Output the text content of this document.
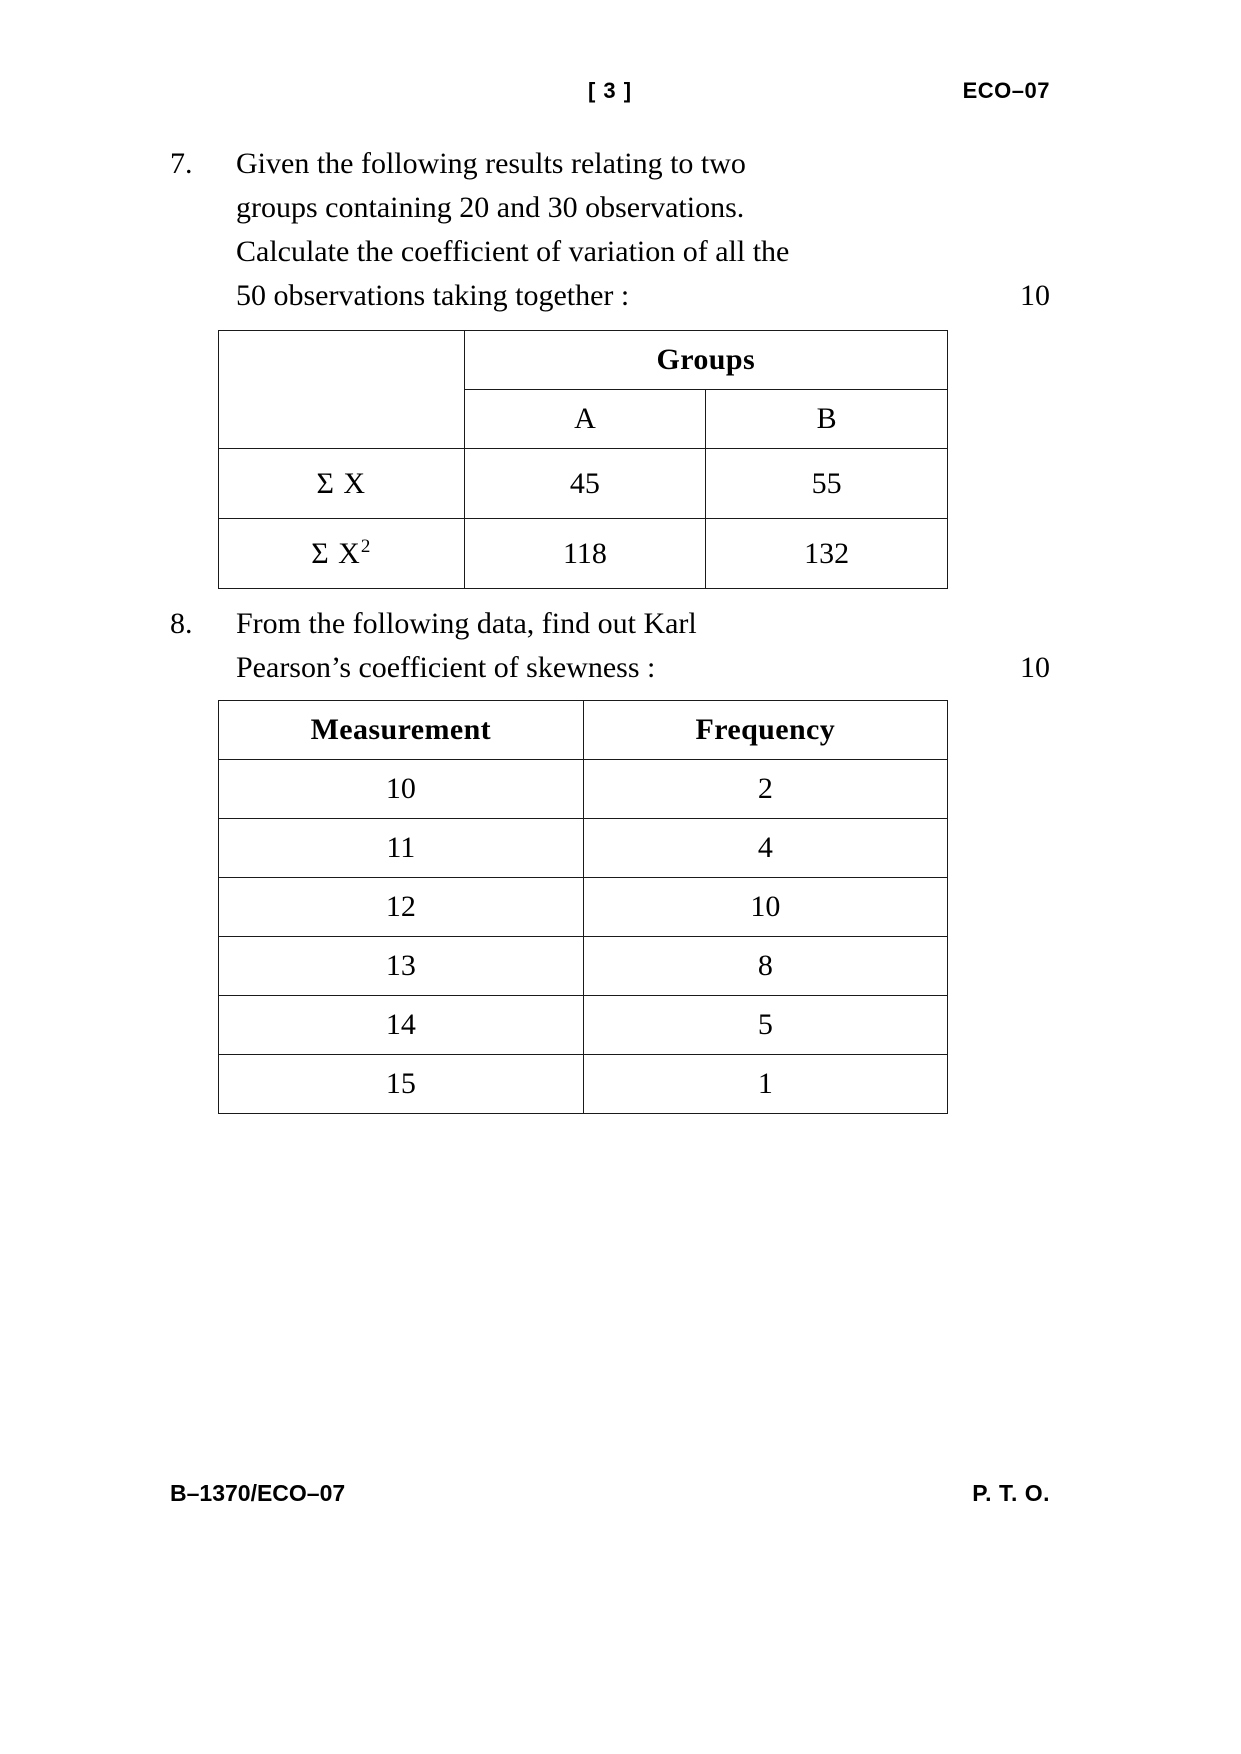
[ 3 ]	ECO–07
7.	Given the following results relating to two
groups containing 20 and 30 observations.
Calculate the coefficient of variation of all the
50 observations taking together :	10
	Groups	
	A	B
Σ X	45	55
Σ $X^2$	118	132
8.	From the following data, find out Karl
Pearson’s coefficient of skewness :	10
Measurement	Frequency
10	2
11	4
12	10
13	8
14	5
15	1
B–1370/ECO–07	P. T. O.
